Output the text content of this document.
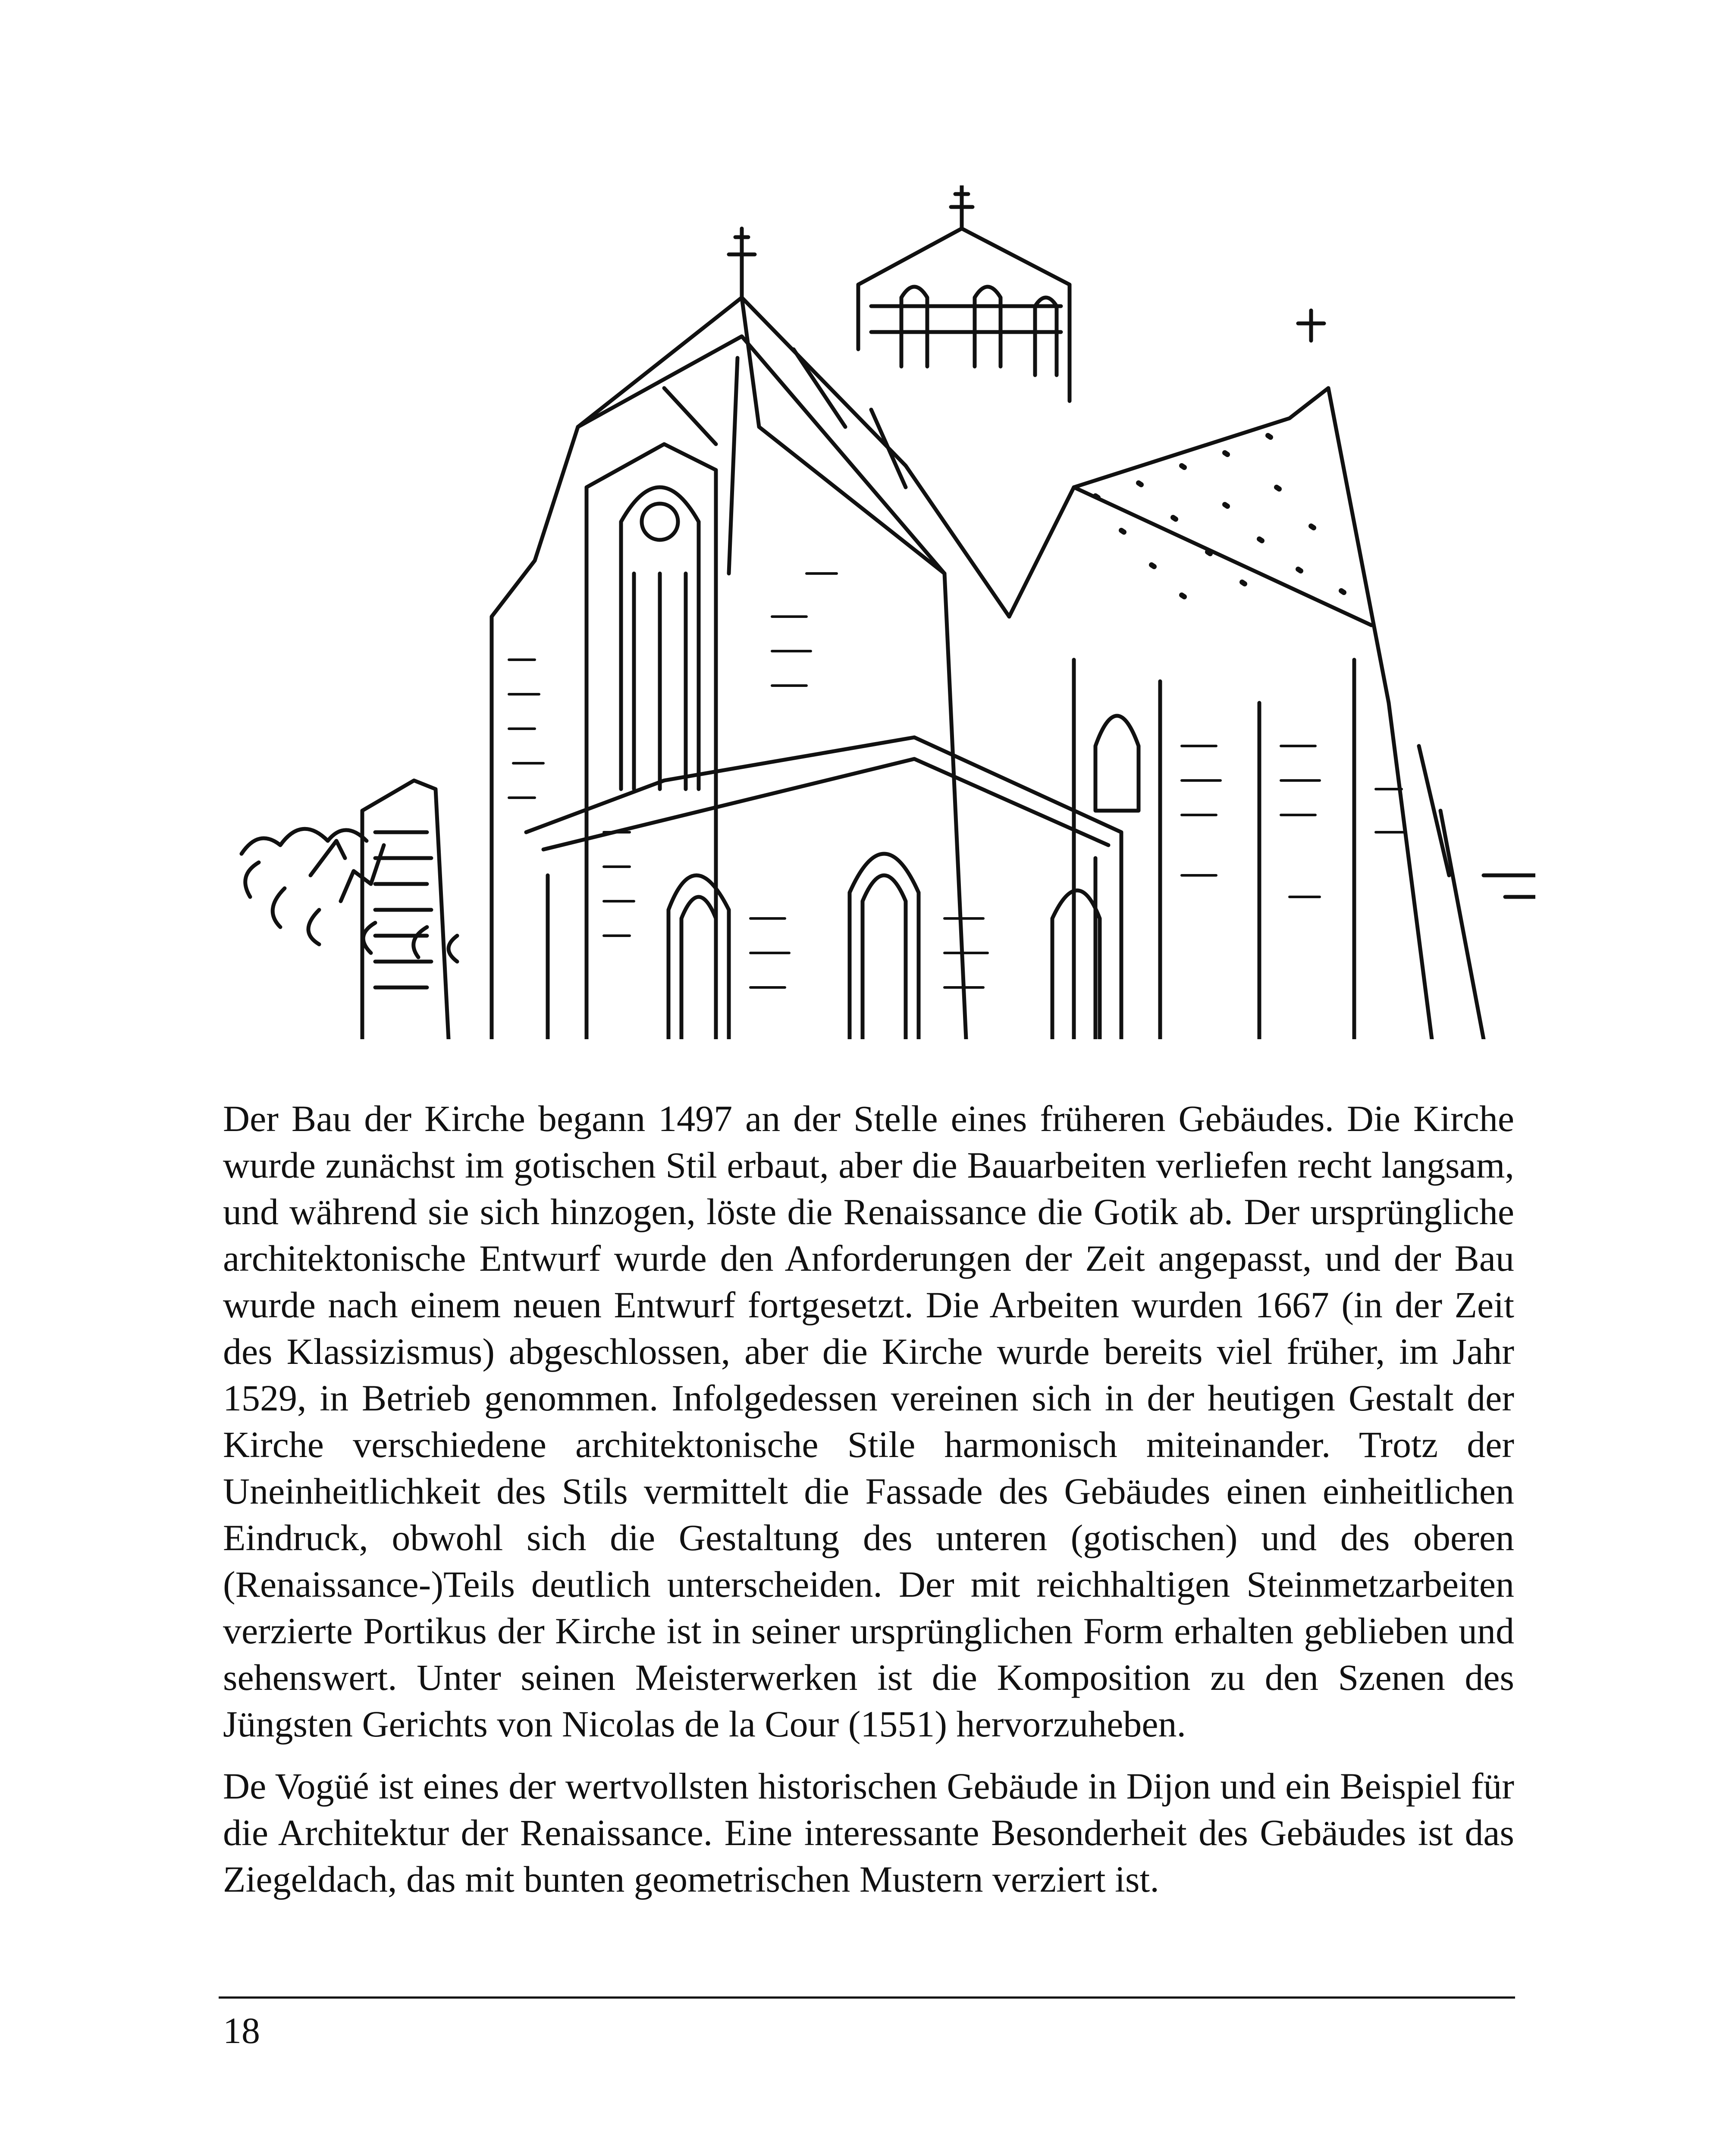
Der Bau der Kirche begann 1497 an der Stelle eines früheren Gebäudes. Die Kirche wurde zunächst im gotischen Stil erbaut, aber die Bauarbeiten verliefen recht langsam, und während sie sich hinzogen, löste die Renaissance die Gotik ab. Der ursprüngliche architektonische Entwurf wurde den Anforderungen der Zeit angepasst, und der Bau wurde nach einem neuen Entwurf fortgesetzt. Die Arbeiten wurden 1667 (in der Zeit des Klassizismus) abgeschlossen, aber die Kirche wurde bereits viel früher, im Jahr 1529, in Betrieb genommen. Infolgedessen vereinen sich in der heutigen Gestalt der Kirche verschiedene architektonische Stile harmonisch miteinander. Trotz der Uneinheitlichkeit des Stils vermittelt die Fassade des Gebäudes einen einheitlichen Eindruck, obwohl sich die Gestaltung des unteren (gotischen) und des oberen (Renaissance-)Teils deutlich unterscheiden. Der mit reichhaltigen Steinmetzarbeiten verzierte Portikus der Kirche ist in seiner ursprünglichen Form erhalten geblieben und sehenswert. Unter seinen Meisterwerken ist die Komposition zu den Szenen des Jüngsten Gerichts von Nicolas de la Cour (1551) hervorzuheben.

De Vogüé ist eines der wertvollsten historischen Gebäude in Dijon und ein Beispiel für die Architektur der Renaissance. Eine interessante Besonderheit des Gebäudes ist das Ziegeldach, das mit bunten geometrischen Mustern verziert ist.

18
